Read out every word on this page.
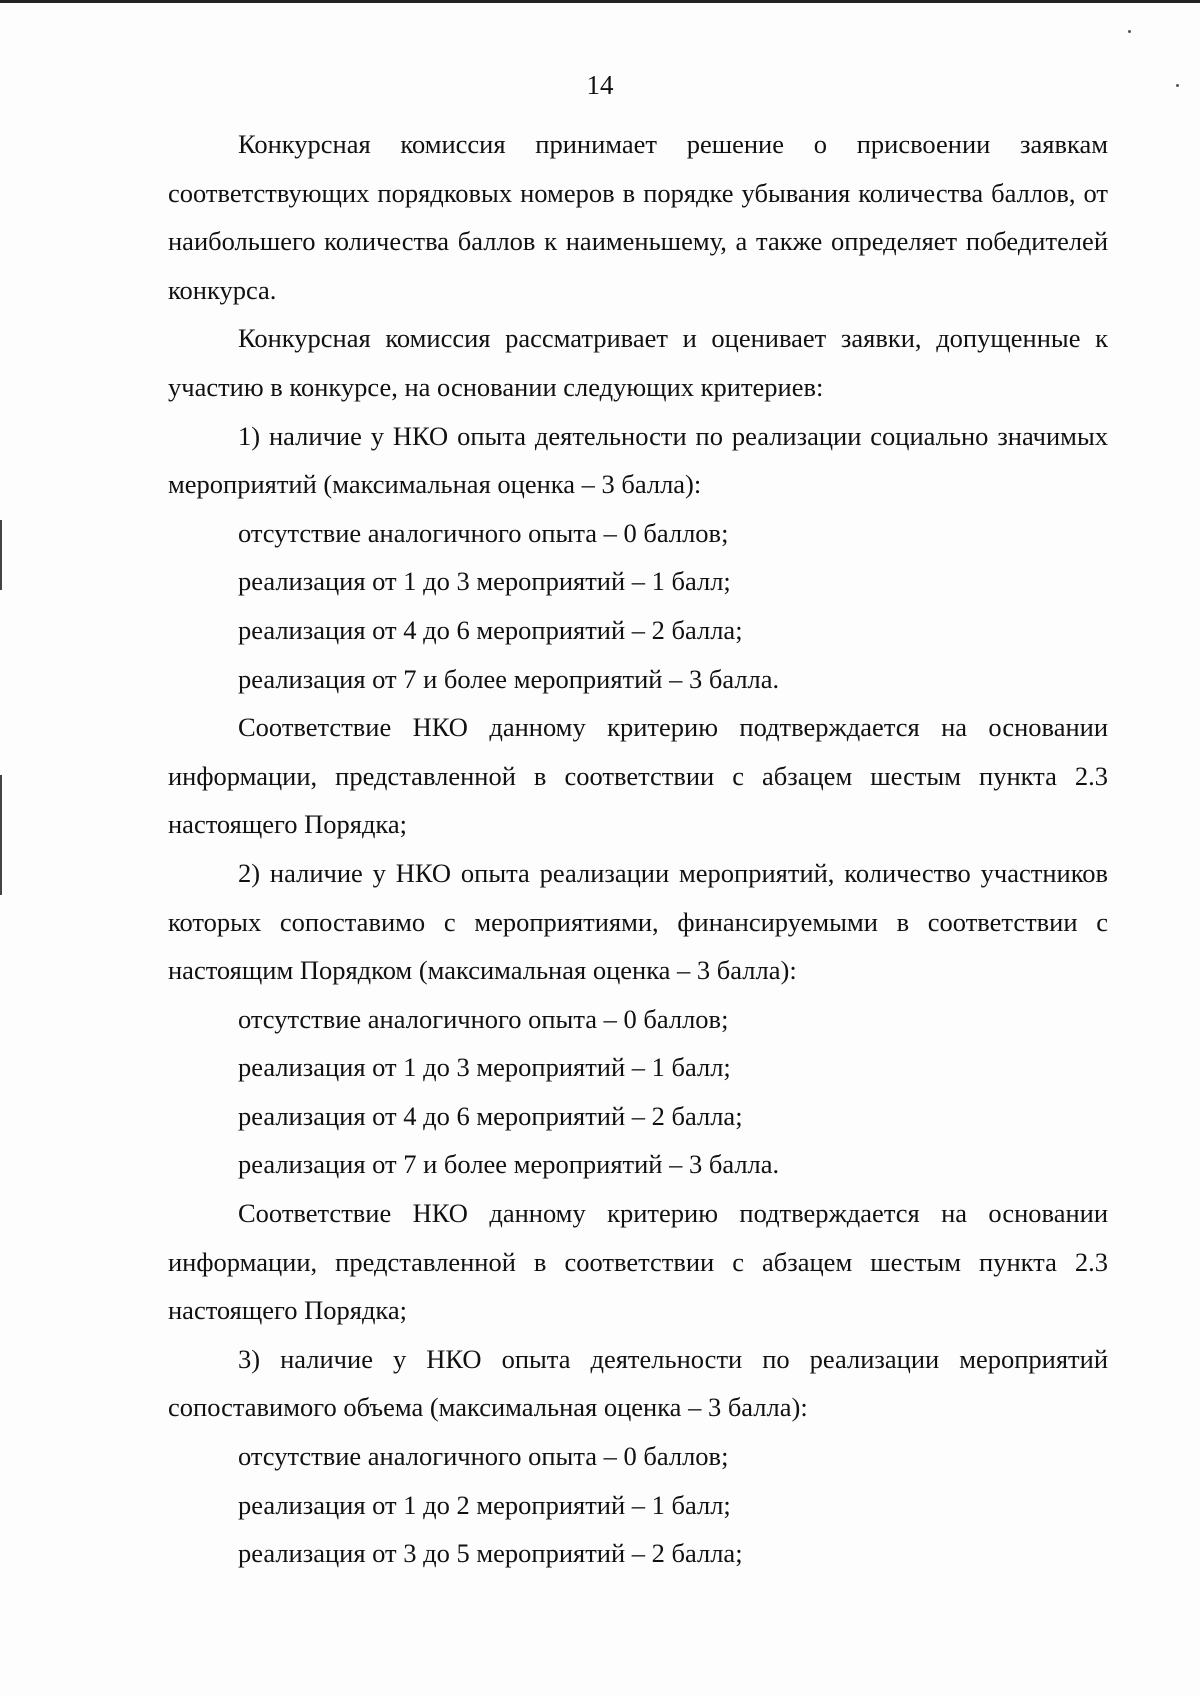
14

Конкурсная комиссия принимает решение о присвоении заявкам соответствующих порядковых номеров в порядке убывания количества баллов, от наибольшего количества баллов к наименьшему, а также определяет победителей конкурса.

Конкурсная комиссия рассматривает и оценивает заявки, допущенные к участию в конкурсе, на основании следующих критериев:

1) наличие у НКО опыта деятельности по реализации социально значимых мероприятий (максимальная оценка – 3 балла):

отсутствие аналогичного опыта – 0 баллов;

реализация от 1 до 3 мероприятий – 1 балл;

реализация от 4 до 6 мероприятий – 2 балла;

реализация от 7 и более мероприятий – 3 балла.

Соответствие НКО данному критерию подтверждается на основании информации, представленной в соответствии с абзацем шестым пункта 2.3 настоящего Порядка;

2) наличие у НКО опыта реализации мероприятий, количество участников которых сопоставимо с мероприятиями, финансируемыми в соответствии с настоящим Порядком (максимальная оценка – 3 балла):

отсутствие аналогичного опыта – 0 баллов;

реализация от 1 до 3 мероприятий – 1 балл;

реализация от 4 до 6 мероприятий – 2 балла;

реализация от 7 и более мероприятий – 3 балла.

Соответствие НКО данному критерию подтверждается на основании информации, представленной в соответствии с абзацем шестым пункта 2.3 настоящего Порядка;

3) наличие у НКО опыта деятельности по реализации мероприятий сопоставимого объема (максимальная оценка – 3 балла):

отсутствие аналогичного опыта – 0 баллов;

реализация от 1 до 2 мероприятий – 1 балл;

реализация от 3 до 5 мероприятий – 2 балла;
